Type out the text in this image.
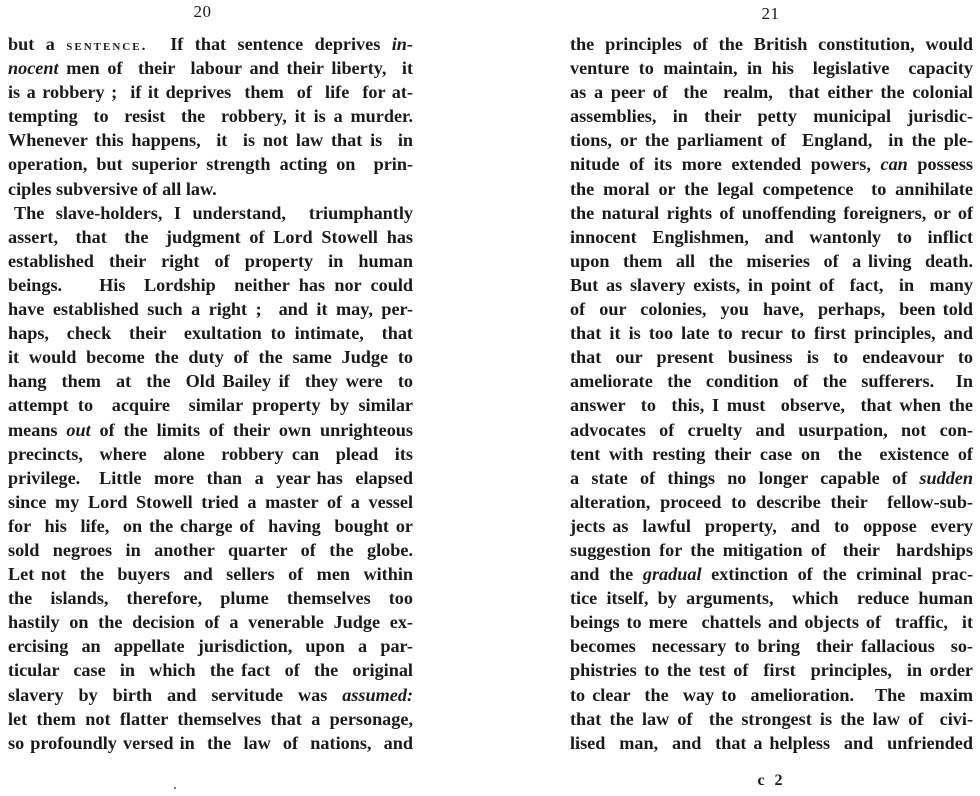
20
but a sentence.  If that sentence deprives in-
nocent men of  their  labour and their liberty,  it
is a robbery ;  if it deprives  them  of  life  for at-
tempting  to  resist  the  robbery, it is a murder.
Whenever this happens,  it  is not law that is  in
operation, but superior strength acting on  prin-
ciples subversive of all law.
The slave-holders, I understand,  triumphantly
assert,  that  the  judgment of Lord Stowell has
established  their  right  of  property  in  human
beings.    His  Lordship  neither has nor could
have established such a right ;  and it may, per-
haps,  check  their  exultation to intimate,  that
it would become the duty of the same Judge to
hang  them  at  the  Old Bailey if  they were  to
attempt to  acquire  similar property by similar
means out of the limits of their own unrighteous
precincts,  where  alone  robbery can  plead  its
privilege.   Little  more  than  a  year has  elapsed
since my Lord Stowell tried a master of a vessel
for  his  life,  on the charge of  having  bought or
sold  negroes  in  another  quarter  of  the  globe.
Let not  the  buyers  and  sellers  of  men  within
the  islands,  therefore,  plume  themselves  too
hastily on the decision of a venerable Judge ex-
ercising  an  appellate  jurisdiction,  upon  a  par-
ticular  case  in  which  the fact  of  the  original
slavery  by  birth  and  servitude  was  assumed:
let them not flatter themselves that a personage,
so profoundly versed in  the  law  of  nations,  and
21
the principles of the British constitution, would
venture to maintain, in his  legislative  capacity
as a peer of  the  realm,  that either the colonial
assemblies,  in  their  petty  municipal  jurisdic-
tions, or the parliament of  England,  in the ple-
nitude of its more extended powers, can possess
the moral or the legal competence  to annihilate
the natural rights of unoffending foreigners, or of
innocent  Englishmen,  and  wantonly  to  inflict
upon  them  all  the  miseries  of  a living  death.
But as slavery exists, in point of  fact,  in  many
of  our  colonies,  you  have,  perhaps,  been told
that it is too late to recur to first principles, and
that  our  present  business  is  to  endeavour  to
ameliorate  the  condition  of  the  sufferers.   In
answer  to  this, I must  observe,  that when the
advocates  of  cruelty  and  usurpation,  not  con-
tent with resting their case on  the  existence of
a  state  of  things  no  longer  capable  of  sudden
alteration, proceed to describe their  fellow-sub-
jects as  lawful  property,  and  to  oppose  every
suggestion for the mitigation of  their  hardships
and the gradual extinction of the criminal prac-
tice itself, by arguments,  which  reduce human
beings to mere  chattels and objects of  traffic,  it
becomes  necessary to bring  their fallacious  so-
phistries to the test of  first  principles,  in order
to clear  the  way to  amelioration.   The  maxim
that the law of  the strongest is the law of  civi-
lised  man,  and  that a helpless  and  unfriended
c 2
